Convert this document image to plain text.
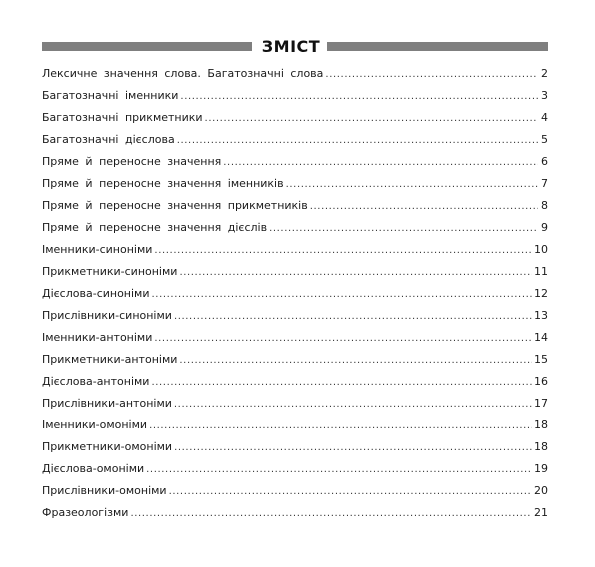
ЗМІСТ
Лексичне значення слова. Багатозначні слова .....	2
Багатозначні іменники .....	3
Багатозначні прикметники .....	4
Багатозначні дієслова .....	5
Пряме й переносне значення .....	6
Пряме й переносне значення іменників .....	7
Пряме й переносне значення прикметників .....	8
Пряме й переносне значення дієслів .....	9
Іменники-синоніми .....	10
Прикметники-синоніми .....	11
Дієслова-синоніми .....	12
Прислівники-синоніми .....	13
Іменники-антоніми .....	14
Прикметники-антоніми .....	15
Дієслова-антоніми .....	16
Прислівники-антоніми .....	17
Іменники-омоніми .....	18
Прикметники-омоніми .....	18
Дієслова-омоніми .....	19
Прислівники-омоніми .....	20
Фразеологізми .....	21
